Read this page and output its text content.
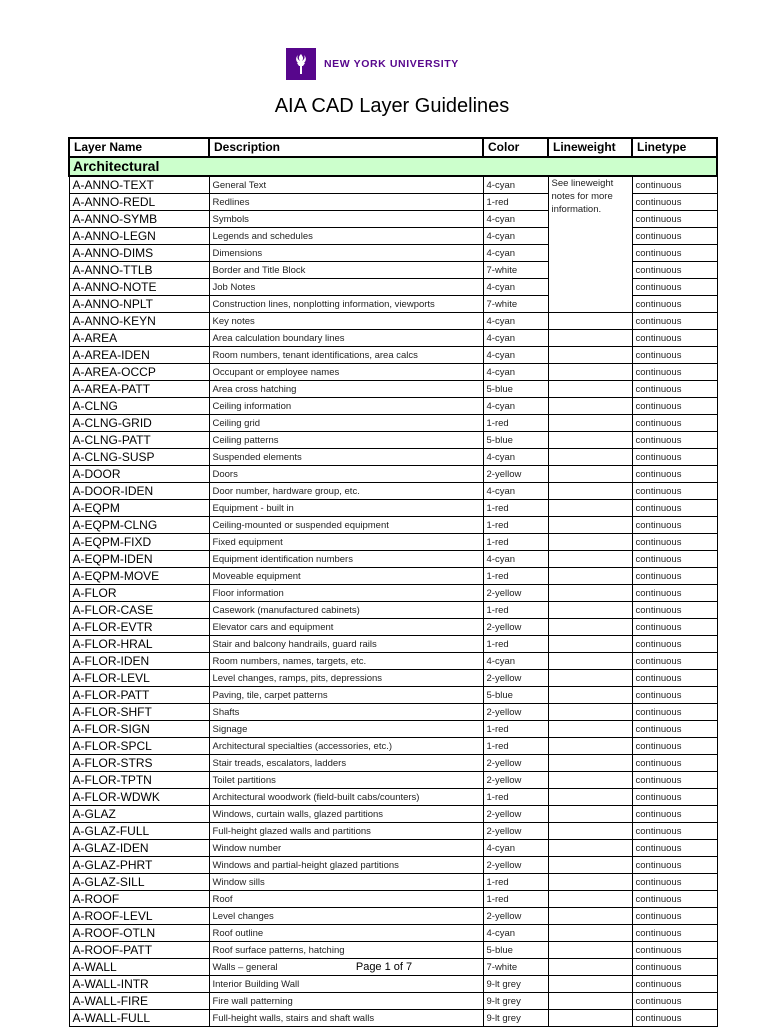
NEW YORK UNIVERSITY
AIA CAD Layer Guidelines
Layer Name	Description	Color	Lineweight	Linetype
Architectural				
A-ANNO-TEXT	General Text	4-cyan	See lineweight notes for more information.	continuous
A-ANNO-REDL	Redlines	1-red		continuous
A-ANNO-SYMB	Symbols	4-cyan		continuous
A-ANNO-LEGN	Legends and schedules	4-cyan		continuous
A-ANNO-DIMS	Dimensions	4-cyan		continuous
A-ANNO-TTLB	Border and Title Block	7-white		continuous
A-ANNO-NOTE	Job Notes	4-cyan		continuous
A-ANNO-NPLT	Construction lines, nonplotting information, viewports	7-white		continuous
A-ANNO-KEYN	Key notes	4-cyan		continuous
A-AREA	Area calculation boundary lines	4-cyan		continuous
A-AREA-IDEN	Room numbers, tenant identifications, area calcs	4-cyan		continuous
A-AREA-OCCP	Occupant or employee names	4-cyan		continuous
A-AREA-PATT	Area cross hatching	5-blue		continuous
A-CLNG	Ceiling information	4-cyan		continuous
A-CLNG-GRID	Ceiling grid	1-red		continuous
A-CLNG-PATT	Ceiling patterns	5-blue		continuous
A-CLNG-SUSP	Suspended elements	4-cyan		continuous
A-DOOR	Doors	2-yellow		continuous
A-DOOR-IDEN	Door number, hardware group, etc.	4-cyan		continuous
A-EQPM	Equipment - built in	1-red		continuous
A-EQPM-CLNG	Ceiling-mounted or suspended equipment	1-red		continuous
A-EQPM-FIXD	Fixed equipment	1-red		continuous
A-EQPM-IDEN	Equipment identification numbers	4-cyan		continuous
A-EQPM-MOVE	Moveable equipment	1-red		continuous
A-FLOR	Floor information	2-yellow		continuous
A-FLOR-CASE	Casework (manufactured cabinets)	1-red		continuous
A-FLOR-EVTR	Elevator cars and equipment	2-yellow		continuous
A-FLOR-HRAL	Stair and balcony handrails, guard rails	1-red		continuous
A-FLOR-IDEN	Room numbers, names, targets, etc.	4-cyan		continuous
A-FLOR-LEVL	Level changes, ramps, pits, depressions	2-yellow		continuous
A-FLOR-PATT	Paving, tile, carpet patterns	5-blue		continuous
A-FLOR-SHFT	Shafts	2-yellow		continuous
A-FLOR-SIGN	Signage	1-red		continuous
A-FLOR-SPCL	Architectural specialties (accessories, etc.)	1-red		continuous
A-FLOR-STRS	Stair treads, escalators, ladders	2-yellow		continuous
A-FLOR-TPTN	Toilet partitions	2-yellow		continuous
A-FLOR-WDWK	Architectural woodwork (field-built cabs/counters)	1-red		continuous
A-GLAZ	Windows, curtain walls, glazed partitions	2-yellow		continuous
A-GLAZ-FULL	Full-height glazed walls and partitions	2-yellow		continuous
A-GLAZ-IDEN	Window number	4-cyan		continuous
A-GLAZ-PHRT	Windows and partial-height glazed partitions	2-yellow		continuous
A-GLAZ-SILL	Window sills	1-red		continuous
A-ROOF	Roof	1-red		continuous
A-ROOF-LEVL	Level changes	2-yellow		continuous
A-ROOF-OTLN	Roof outline	4-cyan		continuous
A-ROOF-PATT	Roof surface patterns, hatching	5-blue		continuous
A-WALL	Walls – general	7-white		continuous
A-WALL-INTR	Interior Building Wall	9-lt grey		continuous
A-WALL-FIRE	Fire wall patterning	9-lt grey		continuous
A-WALL-FULL	Full-height walls, stairs and shaft walls	9-lt grey		continuous
Page 1 of 7
